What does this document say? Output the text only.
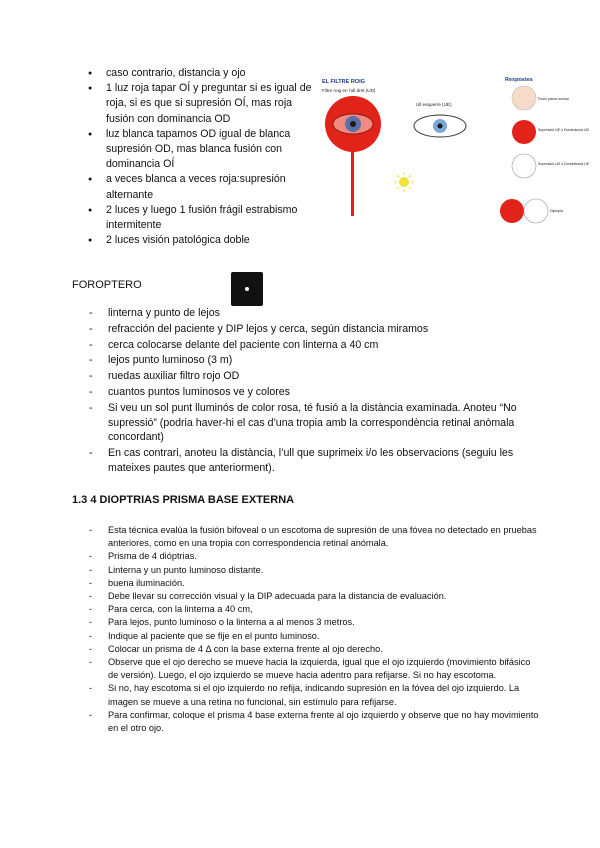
● caso contrario, distancia y ojo
● 1 luz roja tapar OÍ y preguntar si es igual de roja, si es que si supresión OÍ, mas roja fusión con dominancia OD
● luz blanca tapamos OD igual de blanca supresión OD, mas blanca fusión con dominancia OÍ
● a veces blanca a veces roja:supresión alternante
● 2 luces y luego 1 fusión frágil estrabismo intermitente
● 2 luces visión patológica doble
EL FILTRE ROIG
Filtre roig en l'ull dret (UD)
Ull esquerre (UE)
Respostes
Fusió plana normal
Supressió UE o Dominància UD
Supressió UD o Dominància UE
Diplopia
FOROPTERO
- linterna y punto de lejos
- refracción del paciente y DIP lejos y cerca, según distancia miramos
- cerca colocarse delante del paciente con linterna a 40 cm
- lejos punto luminoso (3 m)
- ruedas auxiliar filtro rojo OD
- cuantos puntos luminosos ve y colores
- Si veu un sol punt lluminós de color rosa, té fusió a la distància examinada. Anoteu “No supressió” (podria haver-hi el cas d’una tropia amb la correspondència retinal anòmala concordant)
- En cas contrari, anoteu la distància, l’ull que suprimeix i/o les observacions (seguiu les mateixes pautes que anteriorment).
1.3 4 DIOPTRIAS PRISMA BASE EXTERNA
- Esta técnica evalúa la fusión bifoveal o un escotoma de supresión de una fóvea no detectado en pruebas anteriores, como en una tropia con correspondencia retinal anómala.
- Prisma de 4 dióptrias.
- Linterna y un punto luminoso distante.
- buena iluminación.
- Debe llevar su corrección visual y la DIP adecuada para la distancia de evaluación.
- Para cerca, con la linterna a 40 cm,
- Para lejos, punto luminoso o la linterna a al menos 3 metros.
- Indique al paciente que se fije en el punto luminoso.
- Colocar un prisma de 4 Δ con la base externa frente al ojo derecho.
- Observe que el ojo derecho se mueve hacia la izquierda, igual que el ojo izquierdo (movimiento bifásico de versión). Luego, el ojo izquierdo se mueve hacia adentro para refijarse. Si no hay escotoma.
- Si no, hay escotoma si el ojo izquierdo no refija, indicando supresión en la fóvea del ojo izquierdo. La imagen se mueve a una retina no funcional, sin estímulo para refijarse.
- Para confirmar, coloque el prisma 4 base externa frente al ojo izquierdo y observe que no hay movimiento en el otro ojo.
